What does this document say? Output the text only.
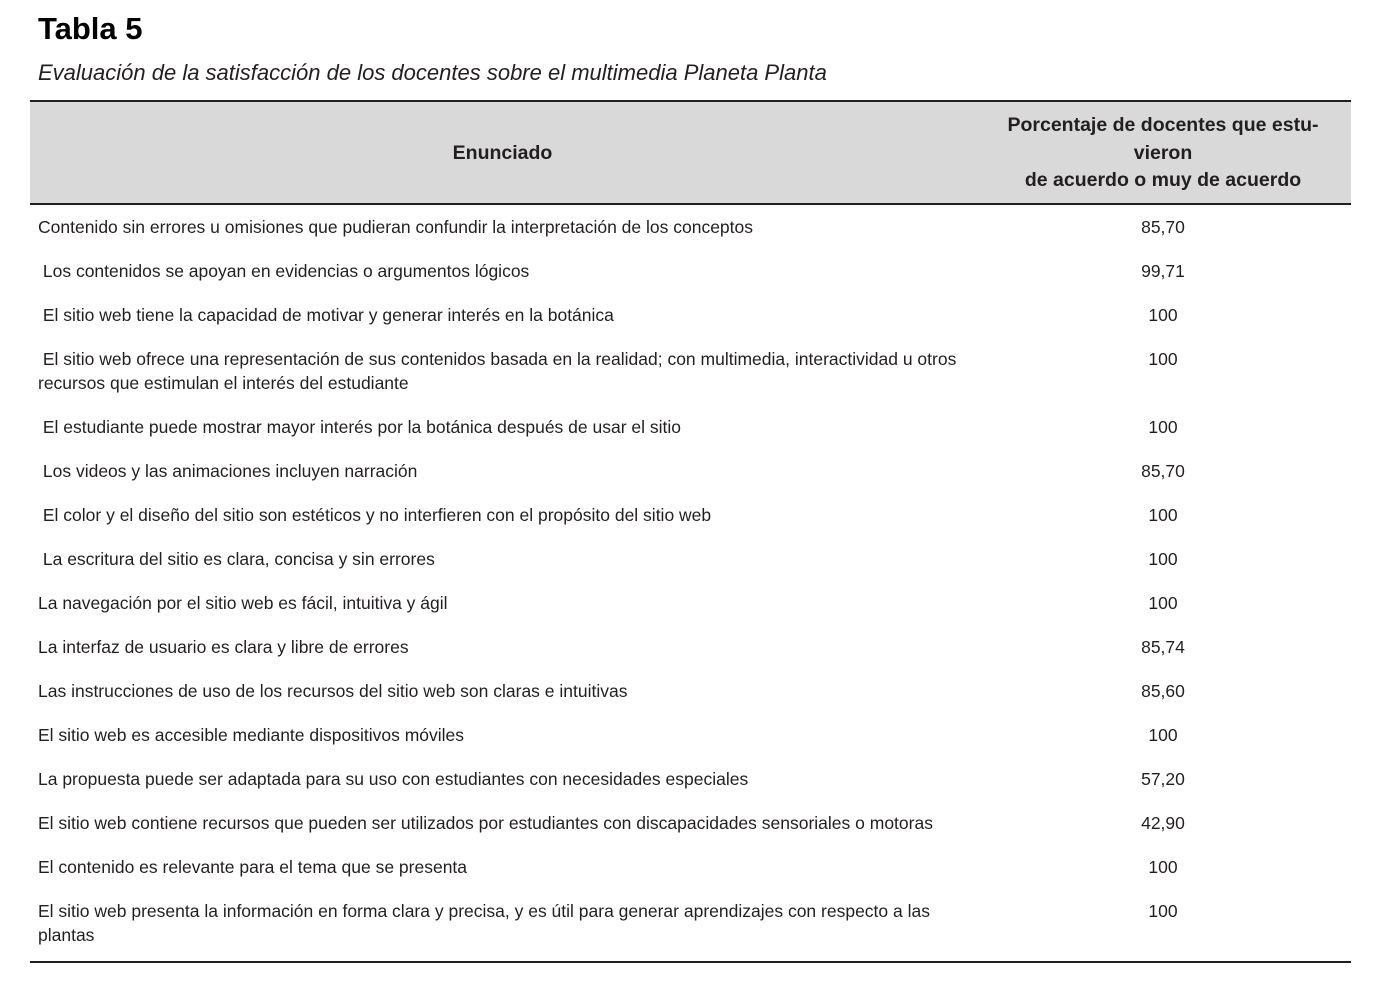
Tabla 5

Evaluación de la satisfacción de los docentes sobre el multimedia Planeta Planta

Enunciado	Porcentaje de docentes que estu-
vieron
de acuerdo o muy de acuerdo
Contenido sin errores u omisiones que pudieran confundir la interpretación de los conceptos	85,70
Los contenidos se apoyan en evidencias o argumentos lógicos	99,71
El sitio web tiene la capacidad de motivar y generar interés en la botánica	100
El sitio web ofrece una representación de sus contenidos basada en la realidad; con multimedia, interactividad u otros recursos que estimulan el interés del estudiante	100
El estudiante puede mostrar mayor interés por la botánica después de usar el sitio	100
Los videos y las animaciones incluyen narración	85,70
El color y el diseño del sitio son estéticos y no interfieren con el propósito del sitio web	100
La escritura del sitio es clara, concisa y sin errores	100
La navegación por el sitio web es fácil, intuitiva y ágil	100
La interfaz de usuario es clara y libre de errores	85,74
Las instrucciones de uso de los recursos del sitio web son claras e intuitivas	85,60
El sitio web es accesible mediante dispositivos móviles	100
La propuesta puede ser adaptada para su uso con estudiantes con necesidades especiales	57,20
El sitio web contiene recursos que pueden ser utilizados por estudiantes con discapacidades sensoriales o motoras	42,90
El contenido es relevante para el tema que se presenta	100
El sitio web presenta la información en forma clara y precisa, y es útil para generar aprendizajes con respecto a las plantas	100
